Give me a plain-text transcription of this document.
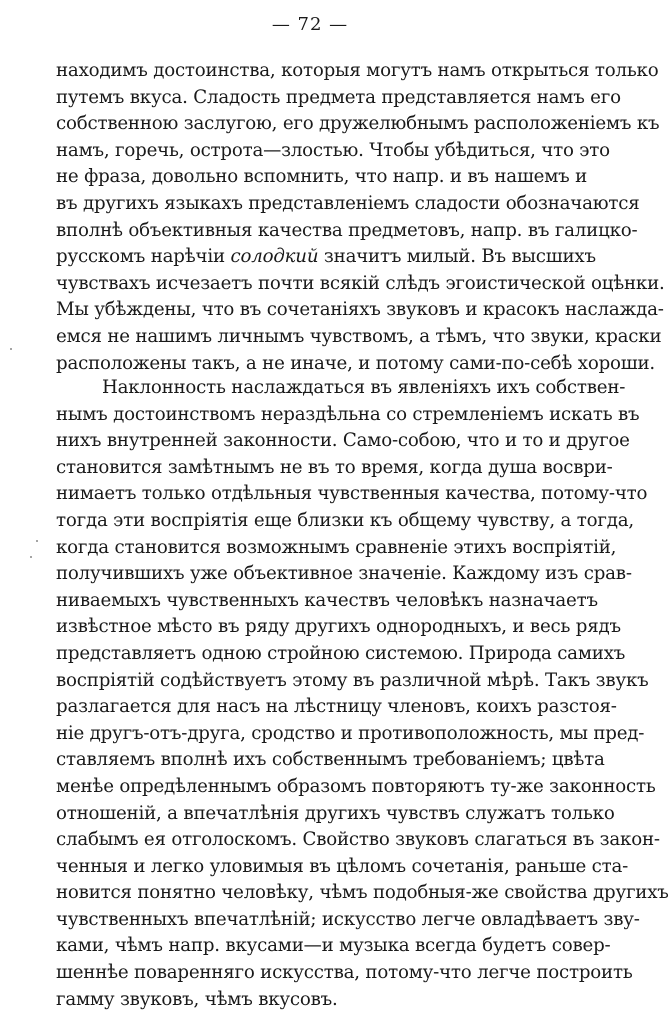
— 72 —
находимъ достоинства, которыя могутъ намъ открыться только
путемъ вкуса. Сладость предмета представляется намъ его
собственною заслугою, его дружелюбнымъ расположенiемъ къ
намъ, горечь, острота—злостью. Чтобы убѣдиться, что это
не фраза, довольно вспомнить, что напр. и въ нашемъ и
въ другихъ языкахъ представленiемъ сладости обозначаются
вполнѣ объективныя качества предметовъ, напр. въ галицко-
русскомъ нарѣчiи солодкий значитъ милый. Въ высшихъ
чувствахъ исчезаетъ почти всякiй слѣдъ эгоистической оцѣнки.
Мы убѣждены, что въ сочетанiяхъ звуковъ и красокъ наслажда-
емся не нашимъ личнымъ чувствомъ, а тѣмъ, что звуки, краски
расположены такъ, а не иначе, и потому сами-по-себѣ хороши.
Наклонность наслаждаться въ явленiяхъ ихъ собствен-
нымъ достоинствомъ нераздѣльна со стремленiемъ искать въ
нихъ внутренней законности. Само-собою, что и то и другое
становится замѣтнымъ не въ то время, когда душа восври-
нимаетъ только отдѣльныя чувственныя качества, потому-что
тогда эти воспрiятiя еще близки къ общему чувству, а тогда,
когда становится возможнымъ сравненiе этихъ воспрiятiй,
получившихъ уже объективное значенiе. Каждому изъ срав-
ниваемыхъ чувственныхъ качествъ человѣкъ назначаетъ
извѣстное мѣсто въ ряду другихъ однородныхъ, и весь рядъ
представляетъ одною стройною системою. Природа самихъ
воспрiятiй содѣйствуетъ этому въ различной мѣрѣ. Такъ звукъ
разлагается для насъ на лѣстницу членовъ, коихъ разстоя-
нiе другъ-отъ-друга, сродство и противоположность, мы пред-
ставляемъ вполнѣ ихъ собственнымъ требованiемъ; цвѣта
менѣе опредѣленнымъ образомъ повторяютъ ту-же законность
отношенiй, а впечатлѣнiя другихъ чувствъ служатъ только
слабымъ ея отголоскомъ. Свойство звуковъ слагаться въ закон-
ченныя и легко уловимыя въ цѣломъ сочетанiя, раньше ста-
новится понятно человѣку, чѣмъ подобныя-же свойства другихъ
чувственныхъ впечатлѣнiй; искусство легче овладѣваетъ зву-
ками, чѣмъ напр. вкусами—и музыка всегда будетъ совер-
шеннѣе поваренняго искусства, потому-что легче построить
гамму звуковъ, чѣмъ вкусовъ.
